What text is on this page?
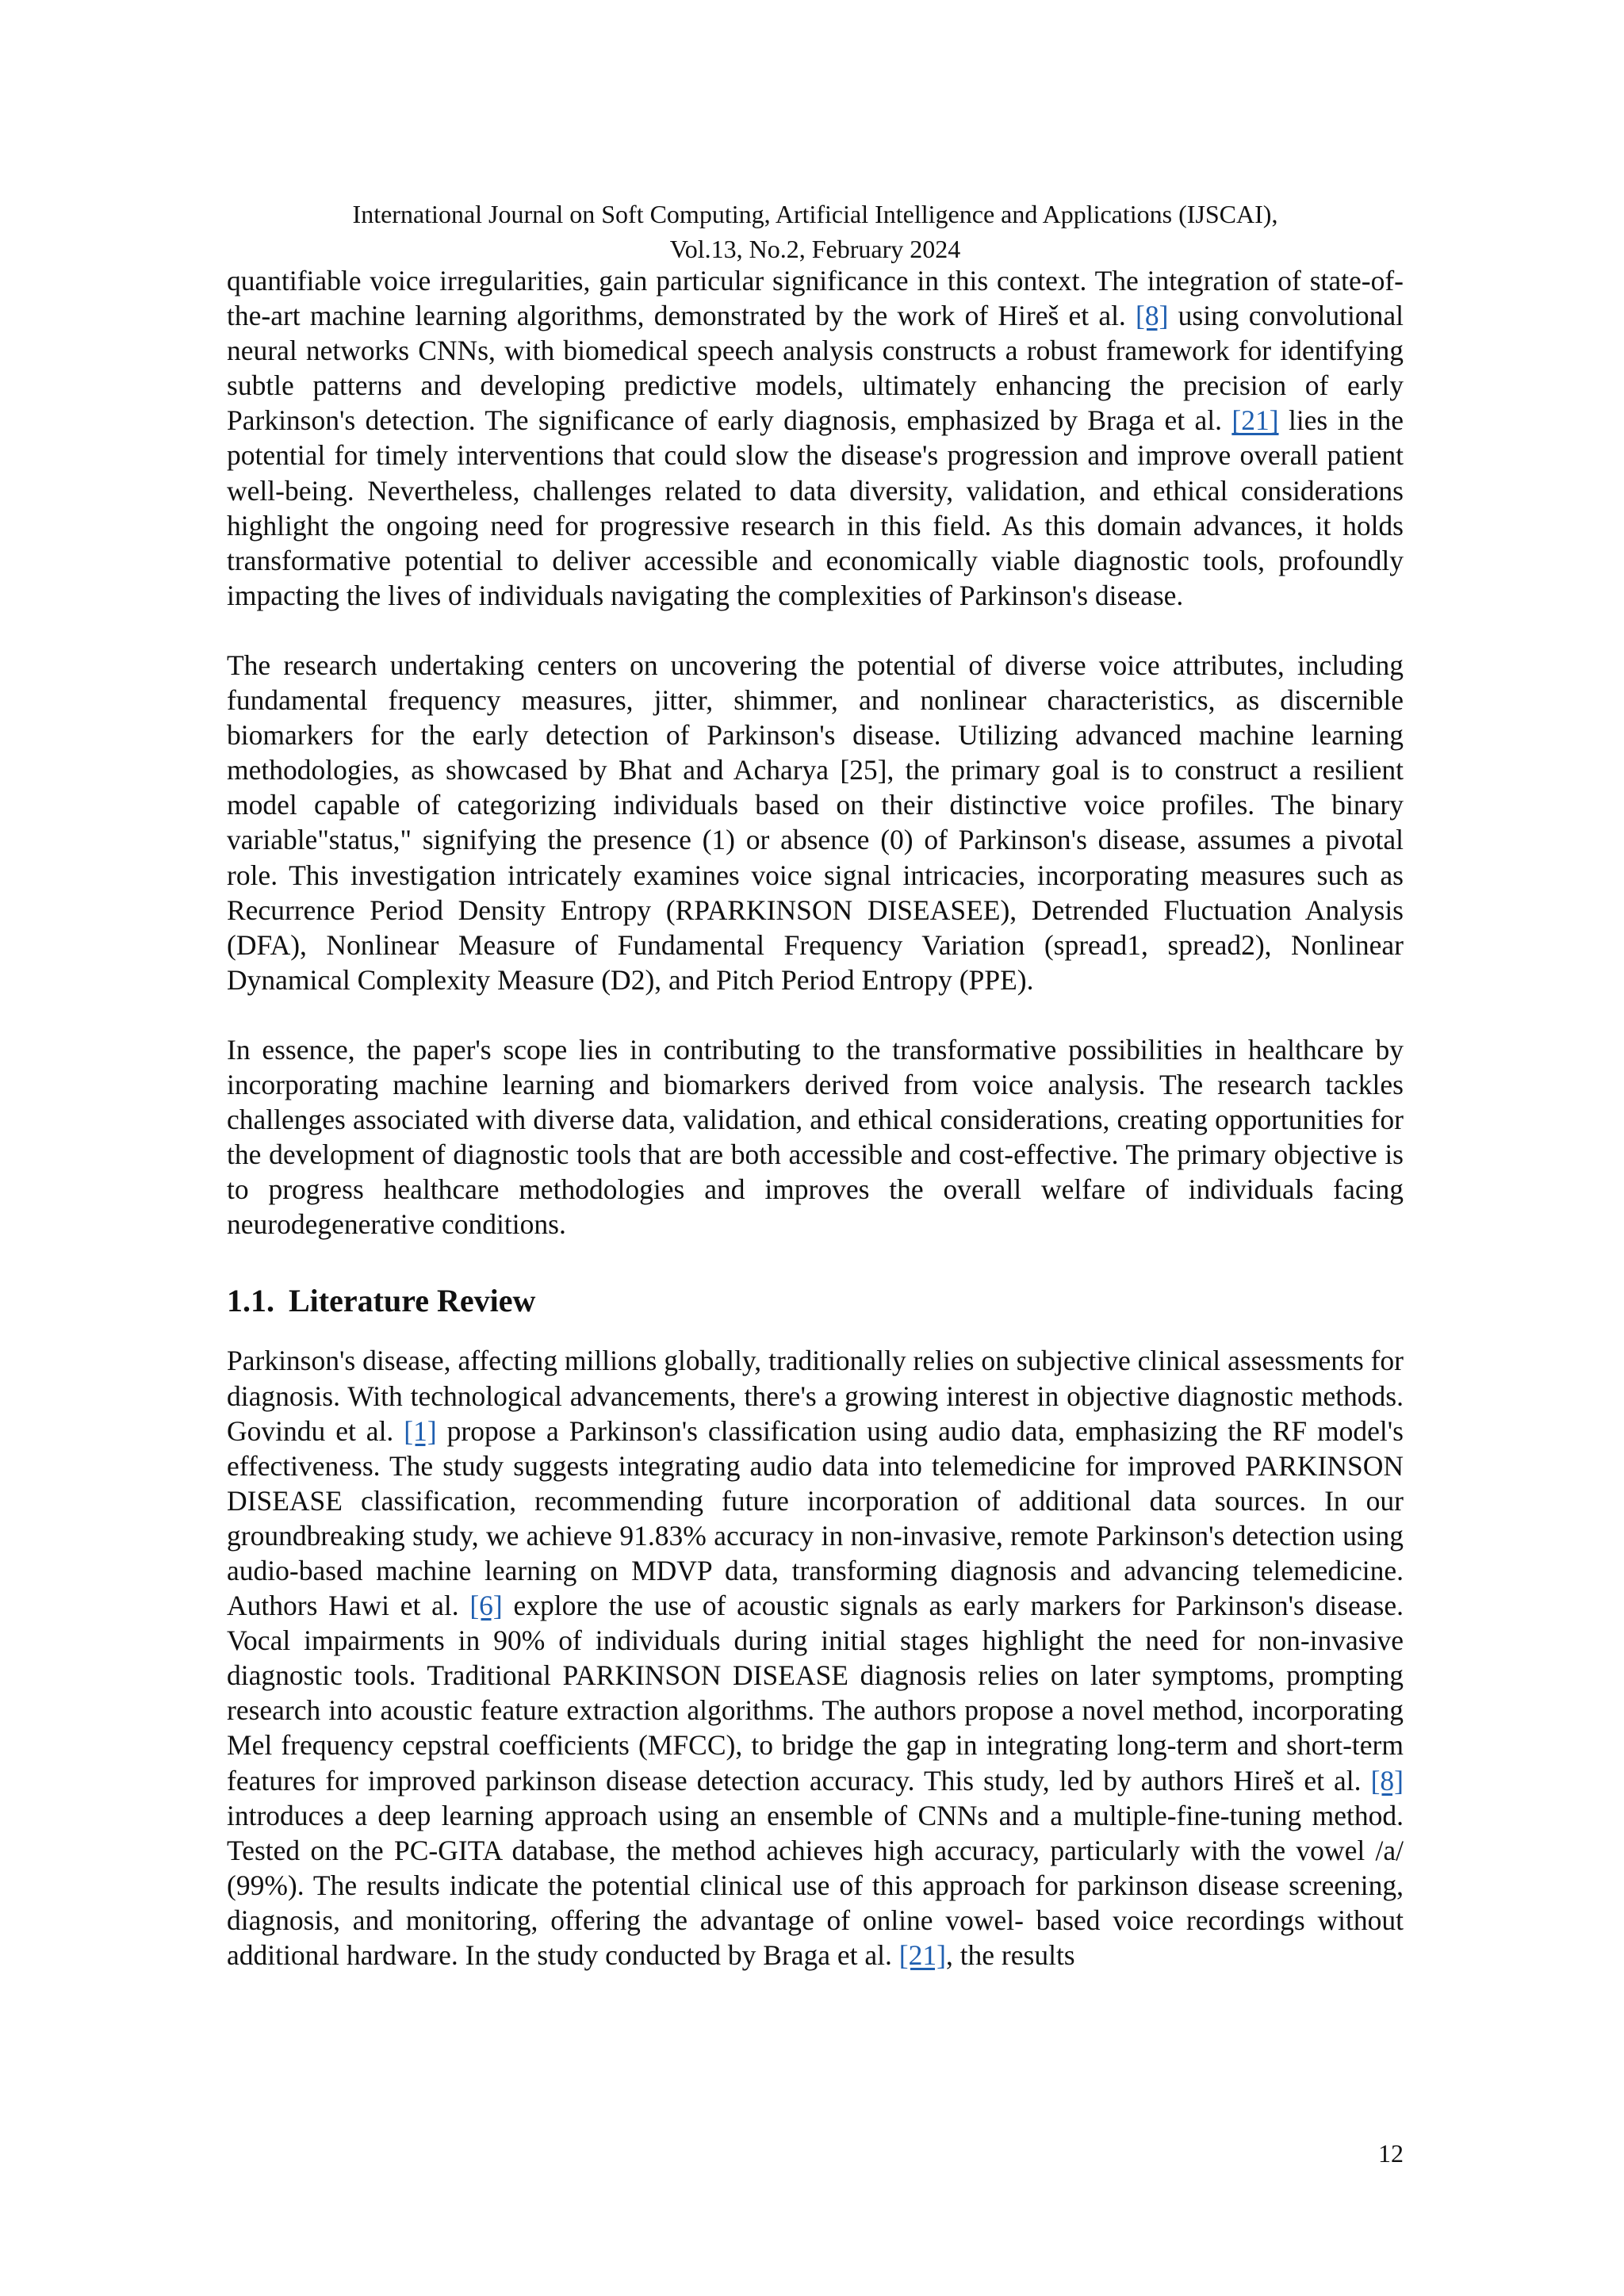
International Journal on Soft Computing, Artificial Intelligence and Applications (IJSCAI),
Vol.13, No.2, February 2024

quantifiable voice irregularities, gain particular significance in this context. The integration of state-of-the-art machine learning algorithms, demonstrated by the work of Hireš et al. [8] using convolutional neural networks CNNs, with biomedical speech analysis constructs a robust framework for identifying subtle patterns and developing predictive models, ultimately enhancing the precision of early Parkinson's detection. The significance of early diagnosis, emphasized by Braga et al. [21] lies in the potential for timely interventions that could slow the disease's progression and improve overall patient well-being. Nevertheless, challenges related to data diversity, validation, and ethical considerations highlight the ongoing need for progressive research in this field. As this domain advances, it holds transformative potential to deliver accessible and economically viable diagnostic tools, profoundly impacting the lives of individuals navigating the complexities of Parkinson's disease.

The research undertaking centers on uncovering the potential of diverse voice attributes, including fundamental frequency measures, jitter, shimmer, and nonlinear characteristics, as discernible biomarkers for the early detection of Parkinson's disease. Utilizing advanced machine learning methodologies, as showcased by Bhat and Acharya [25], the primary goal is to construct a resilient model capable of categorizing individuals based on their distinctive voice profiles. The binary variable"status," signifying the presence (1) or absence (0) of Parkinson's disease, assumes a pivotal role. This investigation intricately examines voice signal intricacies, incorporating measures such as Recurrence Period Density Entropy (RPARKINSON DISEASEE), Detrended Fluctuation Analysis (DFA), Nonlinear Measure of Fundamental Frequency Variation (spread1, spread2), Nonlinear Dynamical Complexity Measure (D2), and Pitch Period Entropy (PPE).

In essence, the paper's scope lies in contributing to the transformative possibilities in healthcare by incorporating machine learning and biomarkers derived from voice analysis. The research tackles challenges associated with diverse data, validation, and ethical considerations, creating opportunities for the development of diagnostic tools that are both accessible and cost-effective. The primary objective is to progress healthcare methodologies and improves the overall welfare of individuals facing neurodegenerative conditions.

1.1. Literature Review

Parkinson's disease, affecting millions globally, traditionally relies on subjective clinical assessments for diagnosis. With technological advancements, there's a growing interest in objective diagnostic methods. Govindu et al. [1] propose a Parkinson's classification using audio data, emphasizing the RF model's effectiveness. The study suggests integrating audio data into telemedicine for improved PARKINSON DISEASE classification, recommending future incorporation of additional data sources. In our groundbreaking study, we achieve 91.83% accuracy in non-invasive, remote Parkinson's detection using audio-based machine learning on MDVP data, transforming diagnosis and advancing telemedicine. Authors Hawi et al. [6] explore the use of acoustic signals as early markers for Parkinson's disease. Vocal impairments in 90% of individuals during initial stages highlight the need for non-invasive diagnostic tools. Traditional PARKINSON DISEASE diagnosis relies on later symptoms, prompting research into acoustic feature extraction algorithms. The authors propose a novel method, incorporating Mel frequency cepstral coefficients (MFCC), to bridge the gap in integrating long-term and short-term features for improved parkinson disease detection accuracy. This study, led by authors Hireš et al. [8] introduces a deep learning approach using an ensemble of CNNs and a multiple-fine-tuning method. Tested on the PC-GITA database, the method achieves high accuracy, particularly with the vowel /a/ (99%). The results indicate the potential clinical use of this approach for parkinson disease screening, diagnosis, and monitoring, offering the advantage of online vowel- based voice recordings without additional hardware. In the study conducted by Braga et al. [21], the results

12
